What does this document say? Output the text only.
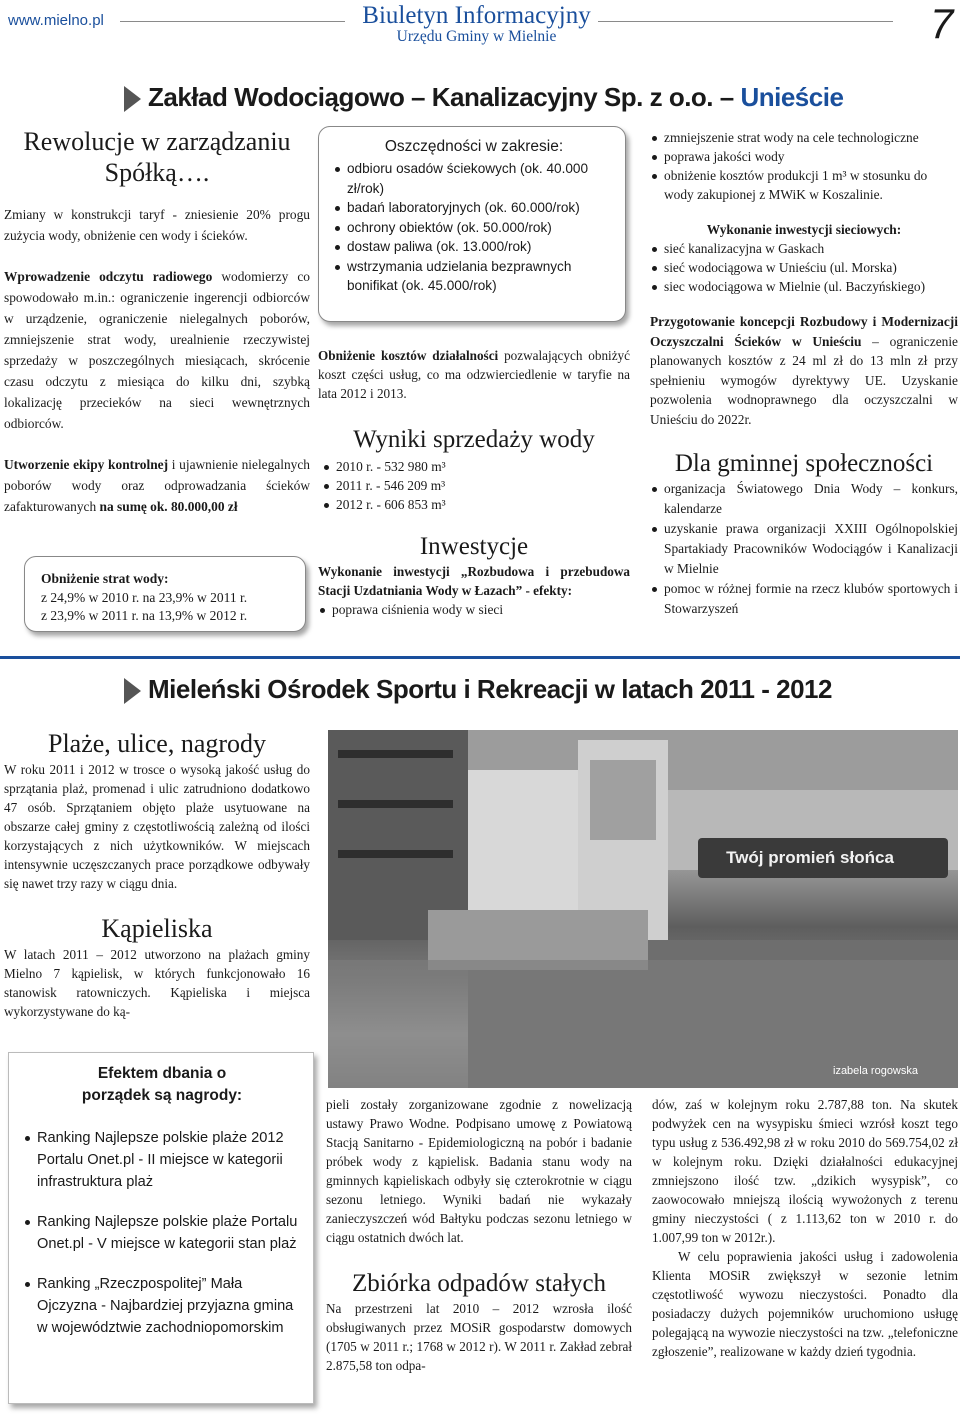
www.mielno.pl	Biuletyn Informacyjny
Urzędu Gminy w Mielnie	7
Zakład Wodociągowo – Kanalizacyjny Sp. z o.o. – Unieście
Rewolucje w zarządzaniu Spółką….

Zmiany w konstrukcji taryf - zniesienie 20% progu zużycia wody, obniżenie cen wody i ścieków.

Wprowadzenie odczytu radiowego wodomierzy co spowodowało m.in.: ograniczenie ingerencji odbiorców w urządzenie, ograniczenie nielegalnych poborów, zmniejszenie strat wody, urealnienie rzeczywistej sprzedaży w poszczególnych miesiącach, skrócenie czasu odczytu z miesiąca do kilku dni, szybką lokalizację przecieków na sieci wewnętrznych odbiorców.

Utworzenie ekipy kontrolnej i ujawnienie nielegalnych poborów wody oraz odprowadzania ścieków zafakturowanych na sumę ok. 80.000,00 zł

Obniżenie strat wody:
z 24,9% w 2010 r. na 23,9% w 2011 r.
z 23,9% w 2011 r. na 13,9% w 2012 r.
Oszczędności w zakresie:
odbioru osadów ściekowych (ok. 40.000 zł/rok)
badań laboratoryjnych (ok. 60.000/rok)
ochrony obiektów (ok. 50.000/rok)
dostaw paliwa (ok. 13.000/rok)
wstrzymania udzielania bezprawnych bonifikat (ok. 45.000/rok)

Obniżenie kosztów działalności pozwalających obniżyć koszt części usług, co ma odzwierciedlenie w taryfie na lata 2012 i 2013.

Wyniki sprzedaży wody
2010 r. - 532 980 m³
2011 r. - 546 209 m³
2012 r. - 606 853 m³
Inwestycje

Wykonanie inwestycji „Rozbudowa i przebudowa Stacji Uzdatniania Wody w Łazach” - efekty:

poprawa ciśnienia wody w sieci
zmniejszenie strat wody na cele technologiczne
poprawa jakości wody
obniżenie kosztów produkcji 1 m³ w stosunku do wody zakupionej z MWiK w Koszalinie.
Wykonanie inwestycji sieciowych:
sieć kanalizacyjna w Gaskach
sieć wodociągowa w Unieściu (ul. Morska)
siec wodociągowa w Mielnie (ul. Baczyńskiego)

Przygotowanie koncepcji Rozbudowy i Modernizacji Oczyszczalni Ścieków w Unieściu – ograniczenie planowanych kosztów z 24 ml zł do 13 mln zł przy spełnieniu wymogów dyrektywy UE. Uzyskanie pozwolenia wodnoprawnego dla oczyszczalni w Unieściu do 2022r.

Dla gminnej społeczności
organizacja Światowego Dnia Wody – konkurs, kalendarze
uzyskanie prawa organizacji XXIII Ogólnopolskiej Spartakiady Pracowników Wodociągów i Kanalizacji w Mielnie
pomoc w różnej formie na rzecz klubów sportowych i Stowarzyszeń
Mieleński Ośrodek Sportu i Rekreacji w latach 2011 - 2012
Plaże, ulice, nagrody

W roku 2011 i 2012 w trosce o wysoką jakość usług do sprzątania plaż, promenad i ulic zatrudniono dodatkowo 47 osób. Sprzątaniem objęto plaże usytuowane na obszarze całej gminy z częstotliwością zależną od ilości korzystających z nich użytkowników. W miejscach intensywnie uczęszczanych prace porządkowe odbywały się nawet trzy razy w ciągu dnia.

Kąpieliska

W latach 2011 – 2012 utworzono na plażach gminy Mielno 7 kąpielisk, w których funkcjonowało 16 stanowisk ratowniczych. Kąpieliska i miejsca wykorzystywane do ką-

Twój promień słońca
izabela rogowska
Efektem dbania o porządek są nagrody:
Ranking Najlepsze polskie plaże 2012 Portalu Onet.pl - II miejsce w kategorii infrastruktura plaż
Ranking Najlepsze polskie plaże Portalu Onet.pl - V miejsce w kategorii stan plaż
Ranking „Rzeczpospolitej” Mała Ojczyzna - Najbardziej przyjazna gmina w województwie zachodniopomorskim

pieli zostały zorganizowane zgodnie z nowelizacją ustawy Prawo Wodne. Podpisano umowę z Powiatową Stacją Sanitarno - Epidemiologiczną na pobór i badanie próbek wody z kąpielisk. Badania stanu wody na gminnych kąpieliskach odbyły się czterokrotnie w ciągu sezonu letniego. Wyniki badań nie wykazały zanieczyszczeń wód Bałtyku podczas sezonu letniego w ciągu ostatnich dwóch lat.

Zbiórka odpadów stałych

Na przestrzeni lat 2010 – 2012 wzrosła ilość obsługiwanych przez MOSiR gospodarstw domowych (1705 w 2011 r.; 1768 w 2012 r). W 2011 r. Zakład zebrał 2.875,58 ton odpa-

dów, zaś w kolejnym roku 2.787,88 ton. Na skutek podwyżek cen na wysypisku śmieci wzrósł koszt tego typu usług z 536.492,98 zł w roku 2010 do 569.754,02 zł w kolejnym roku. Dzięki działalności edukacyjnej zmniejszono ilość tzw. „dzikich wysypisk”, co zaowocowało mniejszą ilością wywożonych z terenu gminy nieczystości ( z 1.113,62 ton w 2010 r. do 1.007,99 ton w 2012r.).

W celu poprawienia jakości usług i zadowolenia Klienta MOSiR zwiększył w sezonie letnim częstotliwość wywozu nieczystości. Ponadto dla posiadaczy dużych pojemników uruchomiono usługę polegającą na wywozie nieczystości na tzw. „telefoniczne zgłoszenie”, realizowane w każdy dzień tygodnia.
